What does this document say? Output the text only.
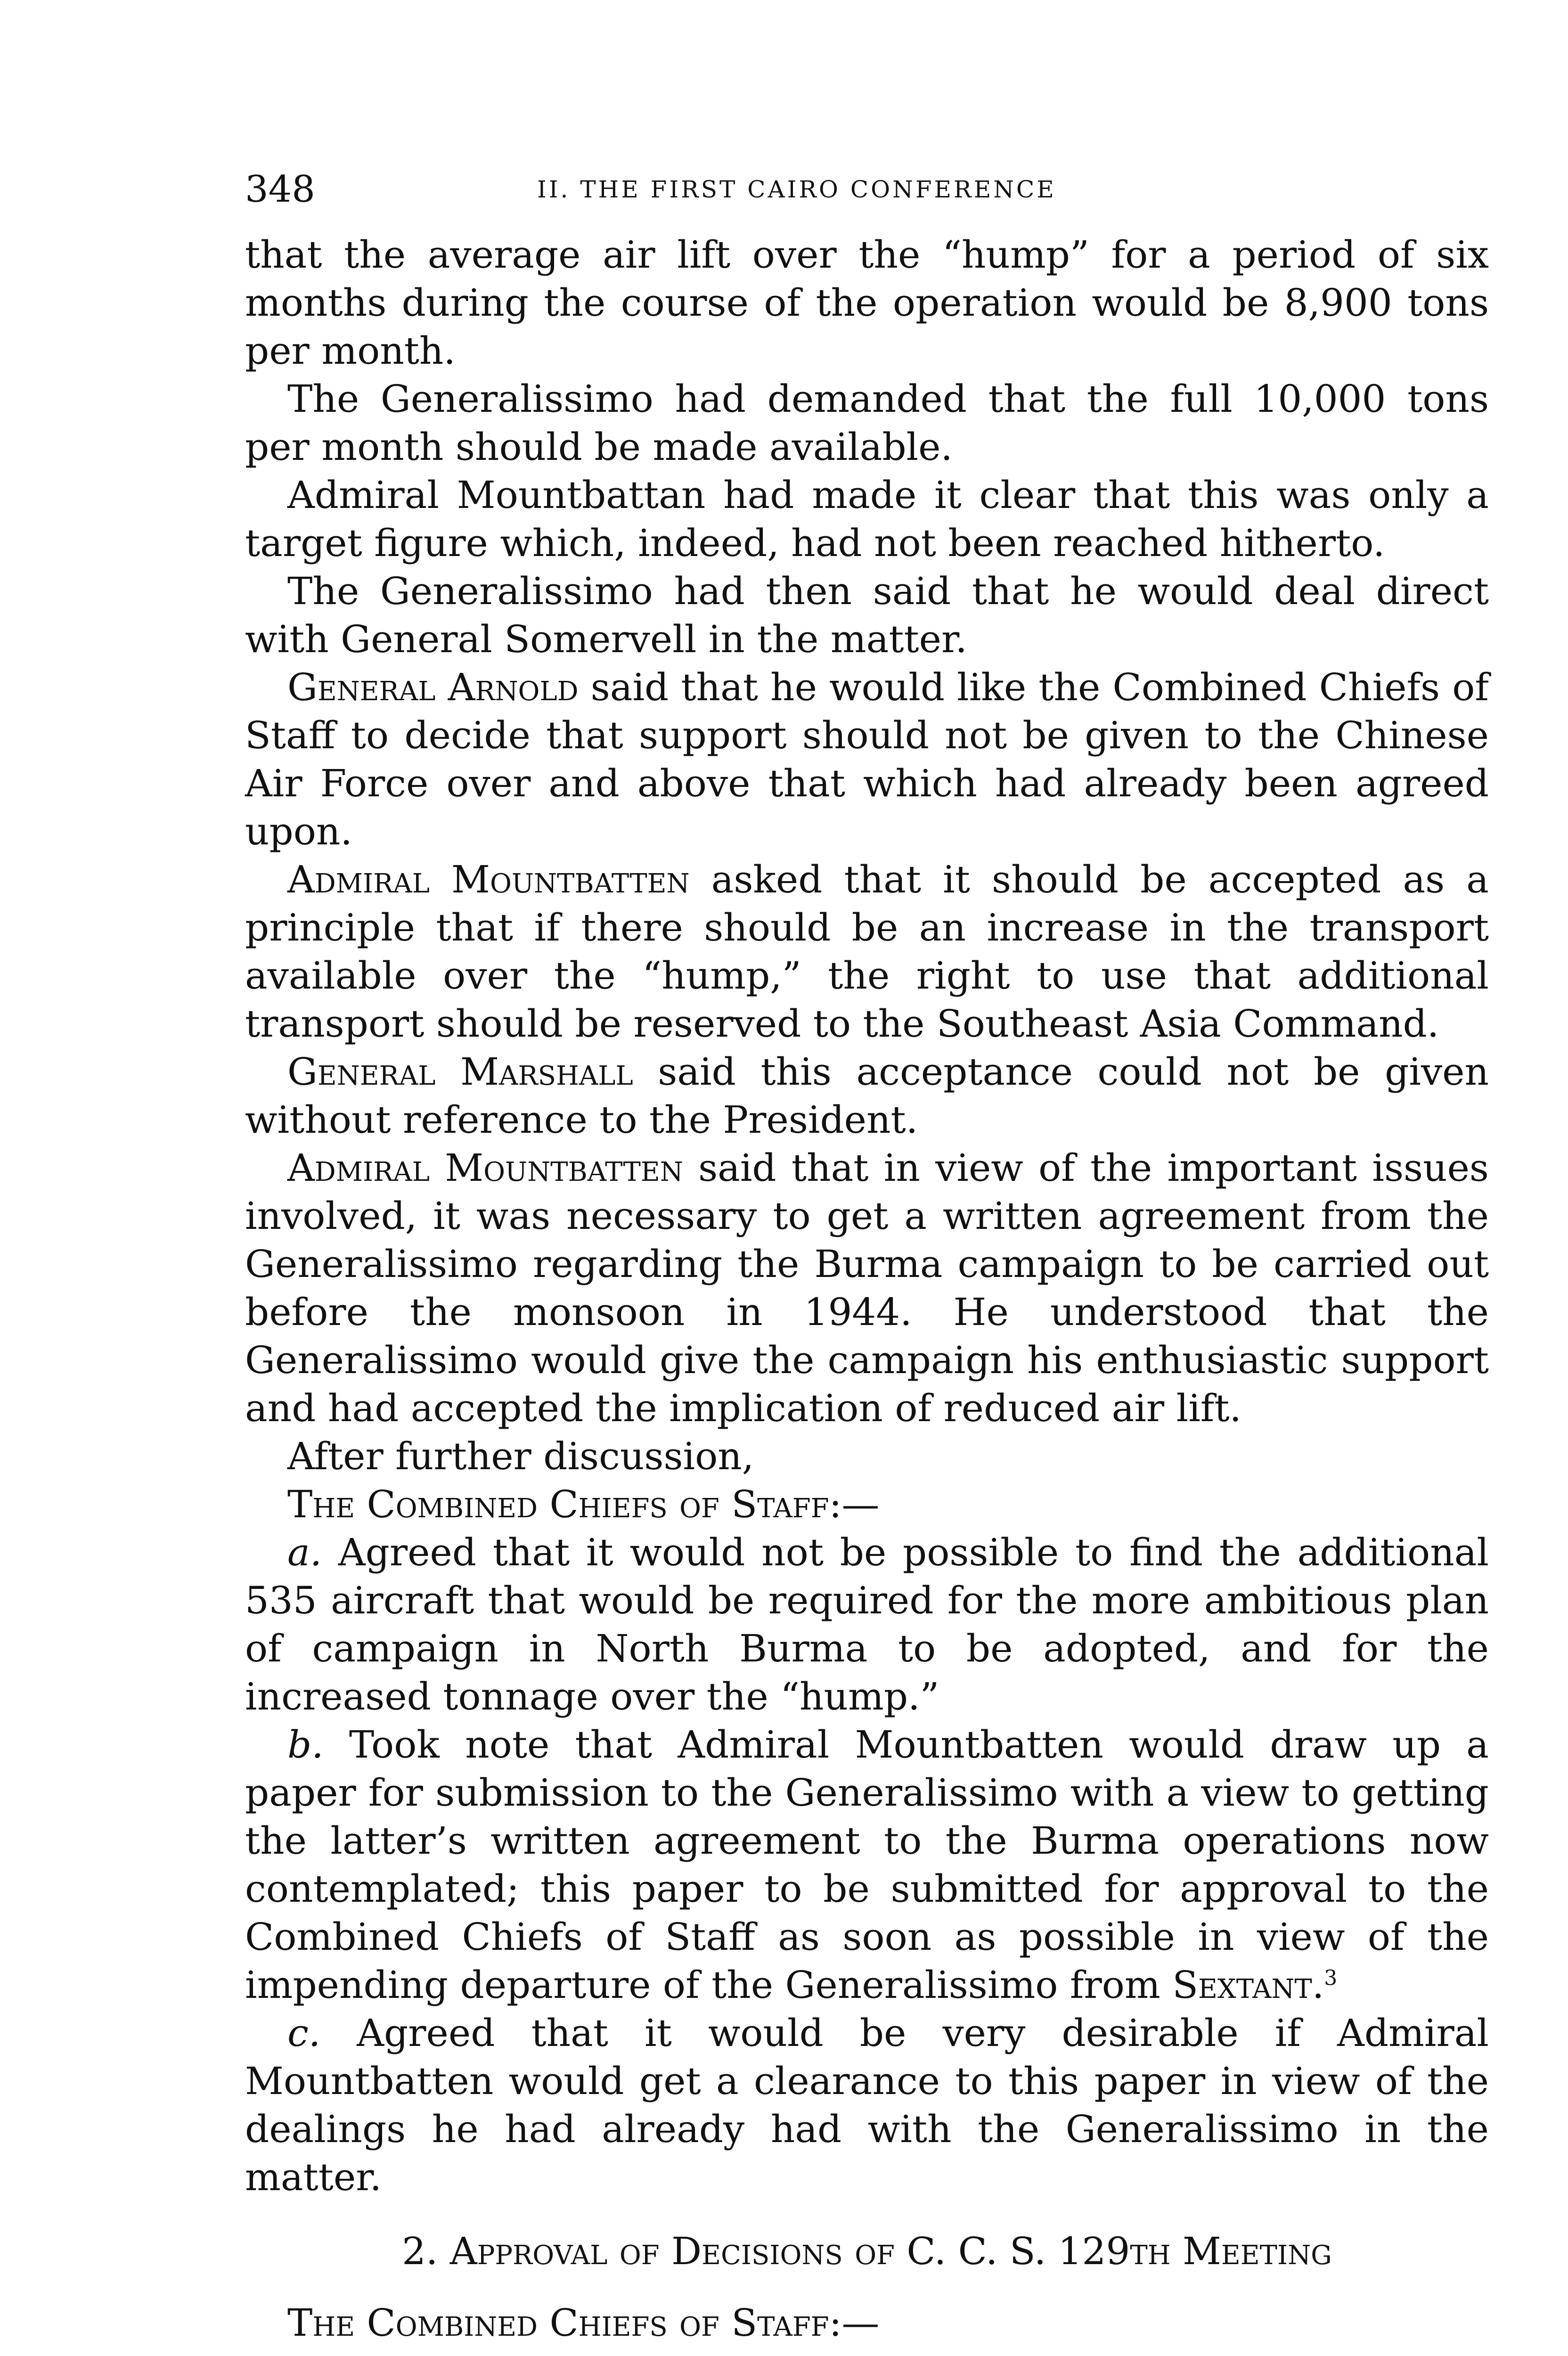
348	II. THE FIRST CAIRO CONFERENCE

that the average air lift over the “hump” for a period of six months during the course of the operation would be 8,900 tons per month.

The Generalissimo had demanded that the full 10,000 tons per month should be made available.

Admiral Mountbattan had made it clear that this was only a target figure which, indeed, had not been reached hitherto.

The Generalissimo had then said that he would deal direct with General Somervell in the matter.

General Arnold said that he would like the Combined Chiefs of Staff to decide that support should not be given to the Chinese Air Force over and above that which had already been agreed upon.

Admiral Mountbatten asked that it should be accepted as a principle that if there should be an increase in the transport available over the “hump,” the right to use that additional transport should be reserved to the Southeast Asia Command.

General Marshall said this acceptance could not be given without reference to the President.

Admiral Mountbatten said that in view of the important issues involved, it was necessary to get a written agreement from the Generalissimo regarding the Burma campaign to be carried out before the monsoon in 1944. He understood that the Generalissimo would give the campaign his enthusiastic support and had accepted the implication of reduced air lift.

After further discussion,

The Combined Chiefs of Staff:—

a. Agreed that it would not be possible to find the additional 535 aircraft that would be required for the more ambitious plan of campaign in North Burma to be adopted, and for the increased tonnage over the “hump.”

b. Took note that Admiral Mountbatten would draw up a paper for submission to the Generalissimo with a view to getting the latter’s written agreement to the Burma operations now contemplated; this paper to be submitted for approval to the Combined Chiefs of Staff as soon as possible in view of the impending departure of the Generalissimo from Sextant.$^3$

c. Agreed that it would be very desirable if Admiral Mountbatten would get a clearance to this paper in view of the dealings he had already had with the Generalissimo in the matter.

2. Approval of Decisions of C. C. S. 129th Meeting

The Combined Chiefs of Staff:—
